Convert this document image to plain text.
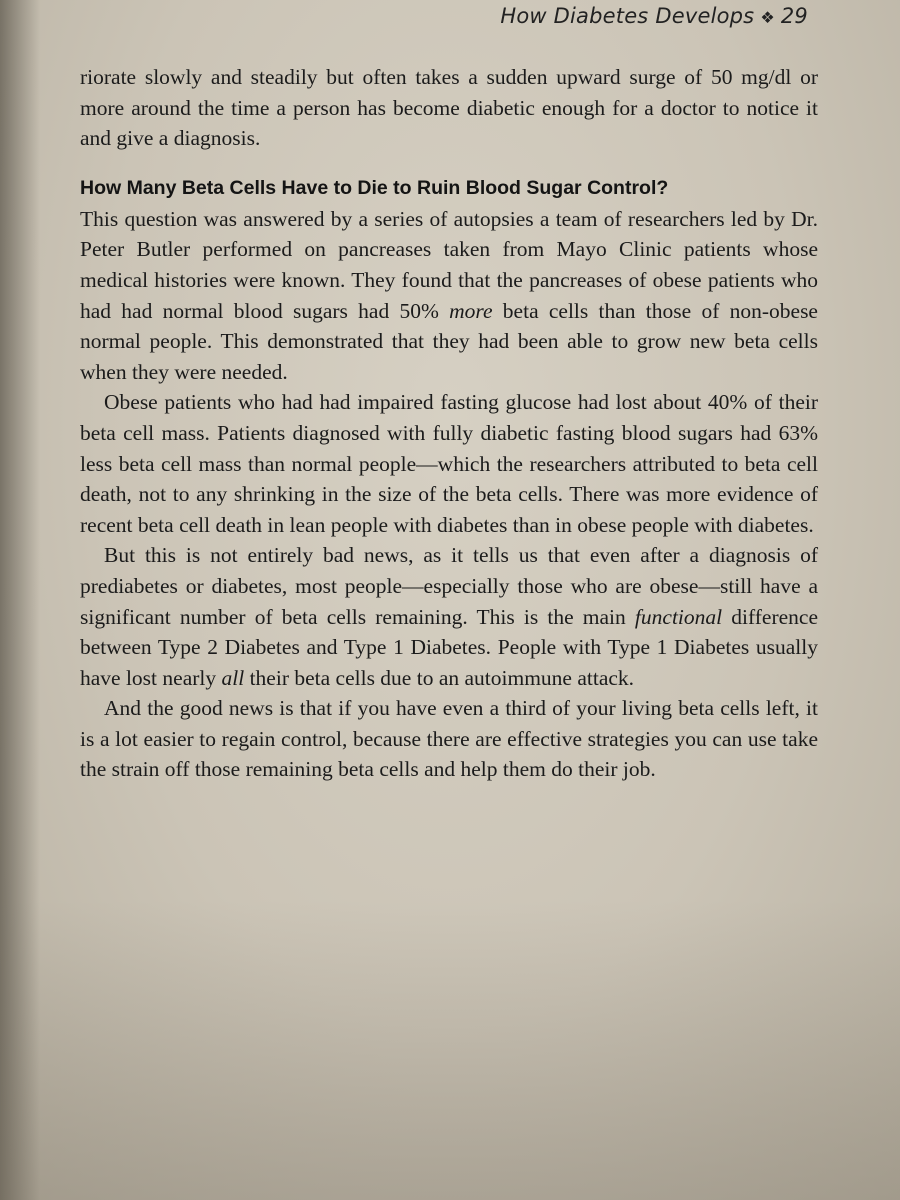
How Diabetes Develops ❖ 29

riorate slowly and steadily but often takes a sudden upward surge of 50 mg/dl or more around the time a person has become diabetic enough for a doctor to notice it and give a diagnosis.

How Many Beta Cells Have to Die to Ruin Blood Sugar Control?

This question was answered by a series of autopsies a team of researchers led by Dr. Peter Butler performed on pancreases taken from Mayo Clinic patients whose medical histories were known. They found that the pancreases of obese patients who had had normal blood sugars had 50% more beta cells than those of non-obese normal people. This demonstrated that they had been able to grow new beta cells when they were needed.

Obese patients who had had impaired fasting glucose had lost about 40% of their beta cell mass. Patients diagnosed with fully diabetic fasting blood sugars had 63% less beta cell mass than normal people—which the researchers attributed to beta cell death, not to any shrinking in the size of the beta cells. There was more evidence of recent beta cell death in lean people with diabetes than in obese people with diabetes.

But this is not entirely bad news, as it tells us that even after a diagnosis of prediabetes or diabetes, most people—especially those who are obese—still have a significant number of beta cells remaining. This is the main functional difference between Type 2 Diabetes and Type 1 Diabetes. People with Type 1 Diabetes usually have lost nearly all their beta cells due to an autoimmune attack.

And the good news is that if you have even a third of your living beta cells left, it is a lot easier to regain control, because there are effective strategies you can use take the strain off those remaining beta cells and help them do their job.
